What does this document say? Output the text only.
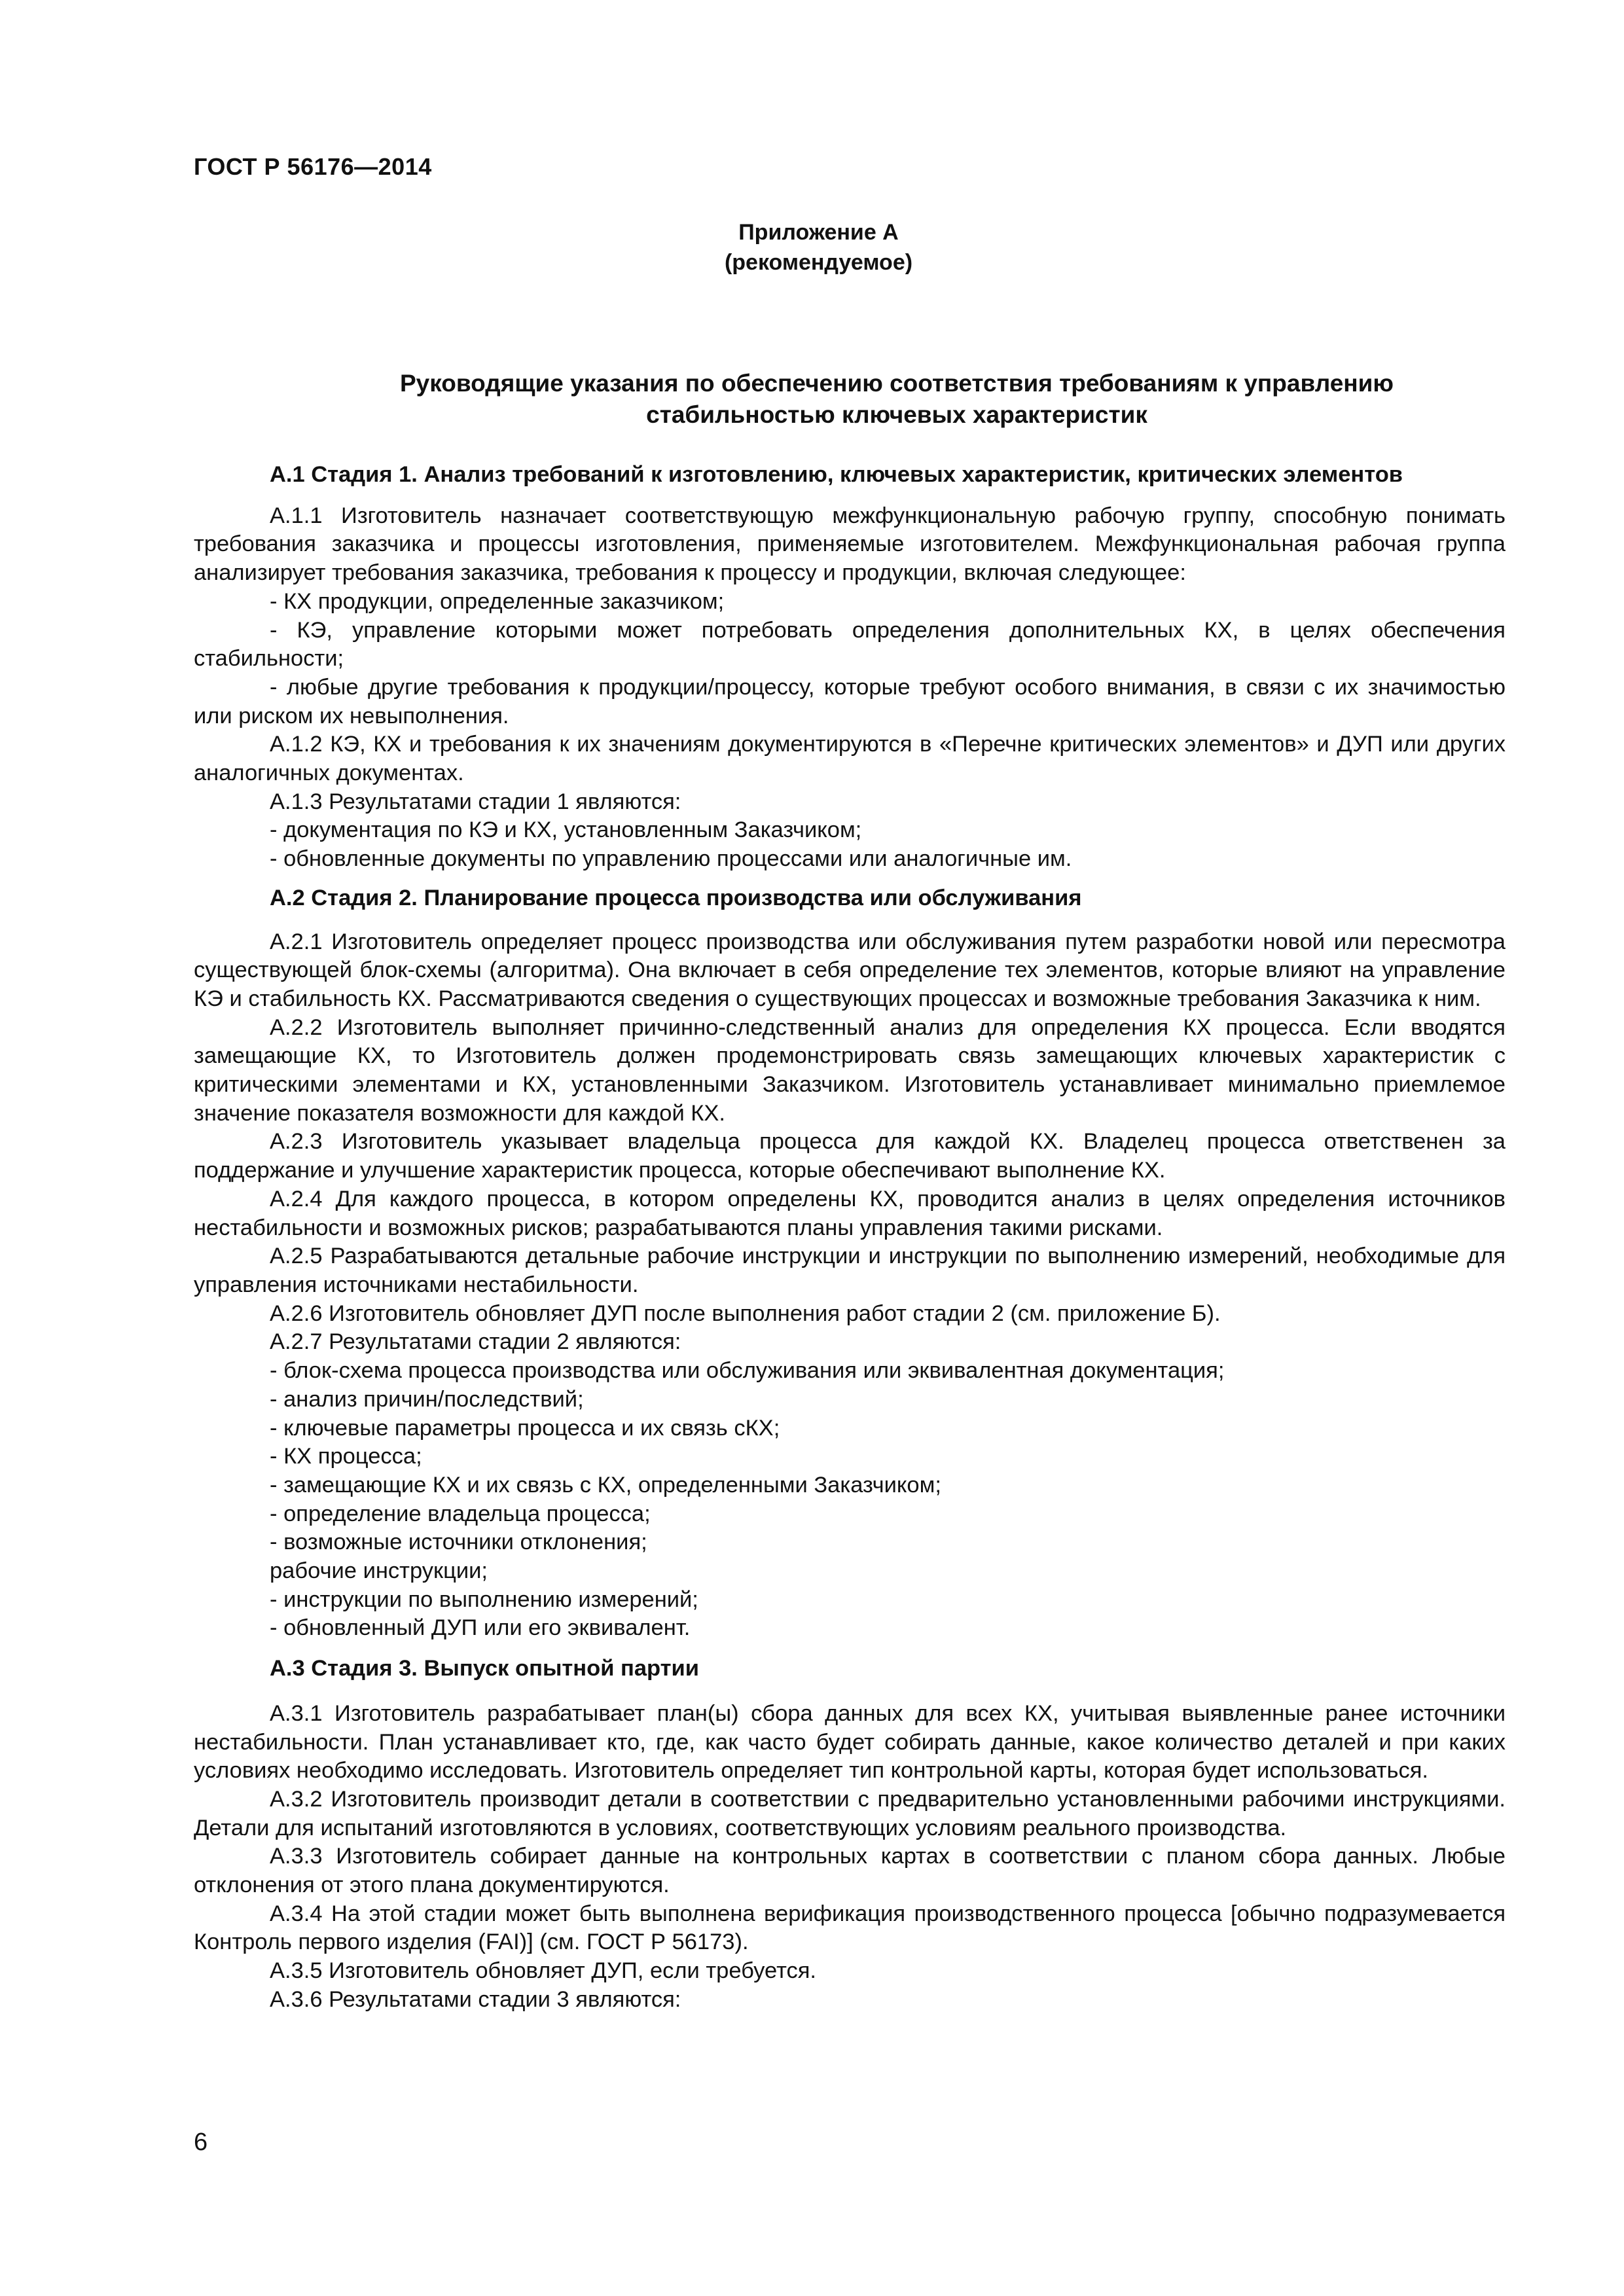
ГОСТ Р 56176—2014
Приложение А
(рекомендуемое)
Руководящие указания по обеспечению соответствия требованиям к управлению
стабильностью ключевых характеристик

А.1 Стадия 1. Анализ требований к изготовлению, ключевых характеристик, критических элементов

А.1.1 Изготовитель назначает соответствующую межфункциональную рабочую группу, способную понимать требования заказчика и процессы изготовления, применяемые изготовителем. Межфункциональная рабочая группа анализирует требования заказчика, требования к процессу и продукции, включая следующее:

- КХ продукции, определенные заказчиком;

- КЭ, управление которыми может потребовать определения дополнительных КХ, в целях обеспечения стабильности;

- любые другие требования к продукции/процессу, которые требуют особого внимания, в связи с их значимостью или риском их невыполнения.

А.1.2 КЭ, КХ и требования к их значениям документируются в «Перечне критических элементов» и ДУП или других аналогичных документах.

А.1.3 Результатами стадии 1 являются:

- документация по КЭ и КХ, установленным Заказчиком;

- обновленные документы по управлению процессами или аналогичные им.

А.2 Стадия 2. Планирование процесса производства или обслуживания

А.2.1 Изготовитель определяет процесс производства или обслуживания путем разработки новой или пересмотра существующей блок-схемы (алгоритма). Она включает в себя определение тех элементов, которые влияют на управление КЭ и стабильность КХ. Рассматриваются сведения о существующих процессах и возможные требования Заказчика к ним.

А.2.2 Изготовитель выполняет причинно-следственный анализ для определения КХ процесса. Если вводятся замещающие КХ, то Изготовитель должен продемонстрировать связь замещающих ключевых характеристик с критическими элементами и КХ, установленными Заказчиком. Изготовитель устанавливает минимально приемлемое значение показателя возможности для каждой КХ.

А.2.3 Изготовитель указывает владельца процесса для каждой КХ. Владелец процесса ответственен за поддержание и улучшение характеристик процесса, которые обеспечивают выполнение КХ.

А.2.4 Для каждого процесса, в котором определены КХ, проводится анализ в целях определения источников нестабильности и возможных рисков; разрабатываются планы управления такими рисками.

А.2.5 Разрабатываются детальные рабочие инструкции и инструкции по выполнению измерений, необходимые для управления источниками нестабильности.

А.2.6 Изготовитель обновляет ДУП после выполнения работ стадии 2 (см. приложение Б).

А.2.7 Результатами стадии 2 являются:

- блок-схема процесса производства или обслуживания или эквивалентная документация;

- анализ причин/последствий;

- ключевые параметры процесса и их связь сКХ;

- КХ процесса;

- замещающие КХ и их связь с КХ, определенными Заказчиком;

- определение владельца процесса;

- возможные источники отклонения;

рабочие инструкции;

- инструкции по выполнению измерений;

- обновленный ДУП или его эквивалент.

А.3 Стадия 3. Выпуск опытной партии

А.3.1 Изготовитель разрабатывает план(ы) сбора данных для всех КХ, учитывая выявленные ранее источники нестабильности. План устанавливает кто, где, как часто будет собирать данные, какое количество деталей и при каких условиях необходимо исследовать. Изготовитель определяет тип контрольной карты, которая будет использоваться.

А.3.2 Изготовитель производит детали в соответствии с предварительно установленными рабочими инструкциями. Детали для испытаний изготовляются в условиях, соответствующих условиям реального производства.

А.3.3 Изготовитель собирает данные на контрольных картах в соответствии с планом сбора данных. Любые отклонения от этого плана документируются.

А.3.4 На этой стадии может быть выполнена верификация производственного процесса [обычно подразумевается Контроль первого изделия (FAI)] (см. ГОСТ Р 56173).

А.3.5 Изготовитель обновляет ДУП, если требуется.

А.3.6 Результатами стадии 3 являются:

6
